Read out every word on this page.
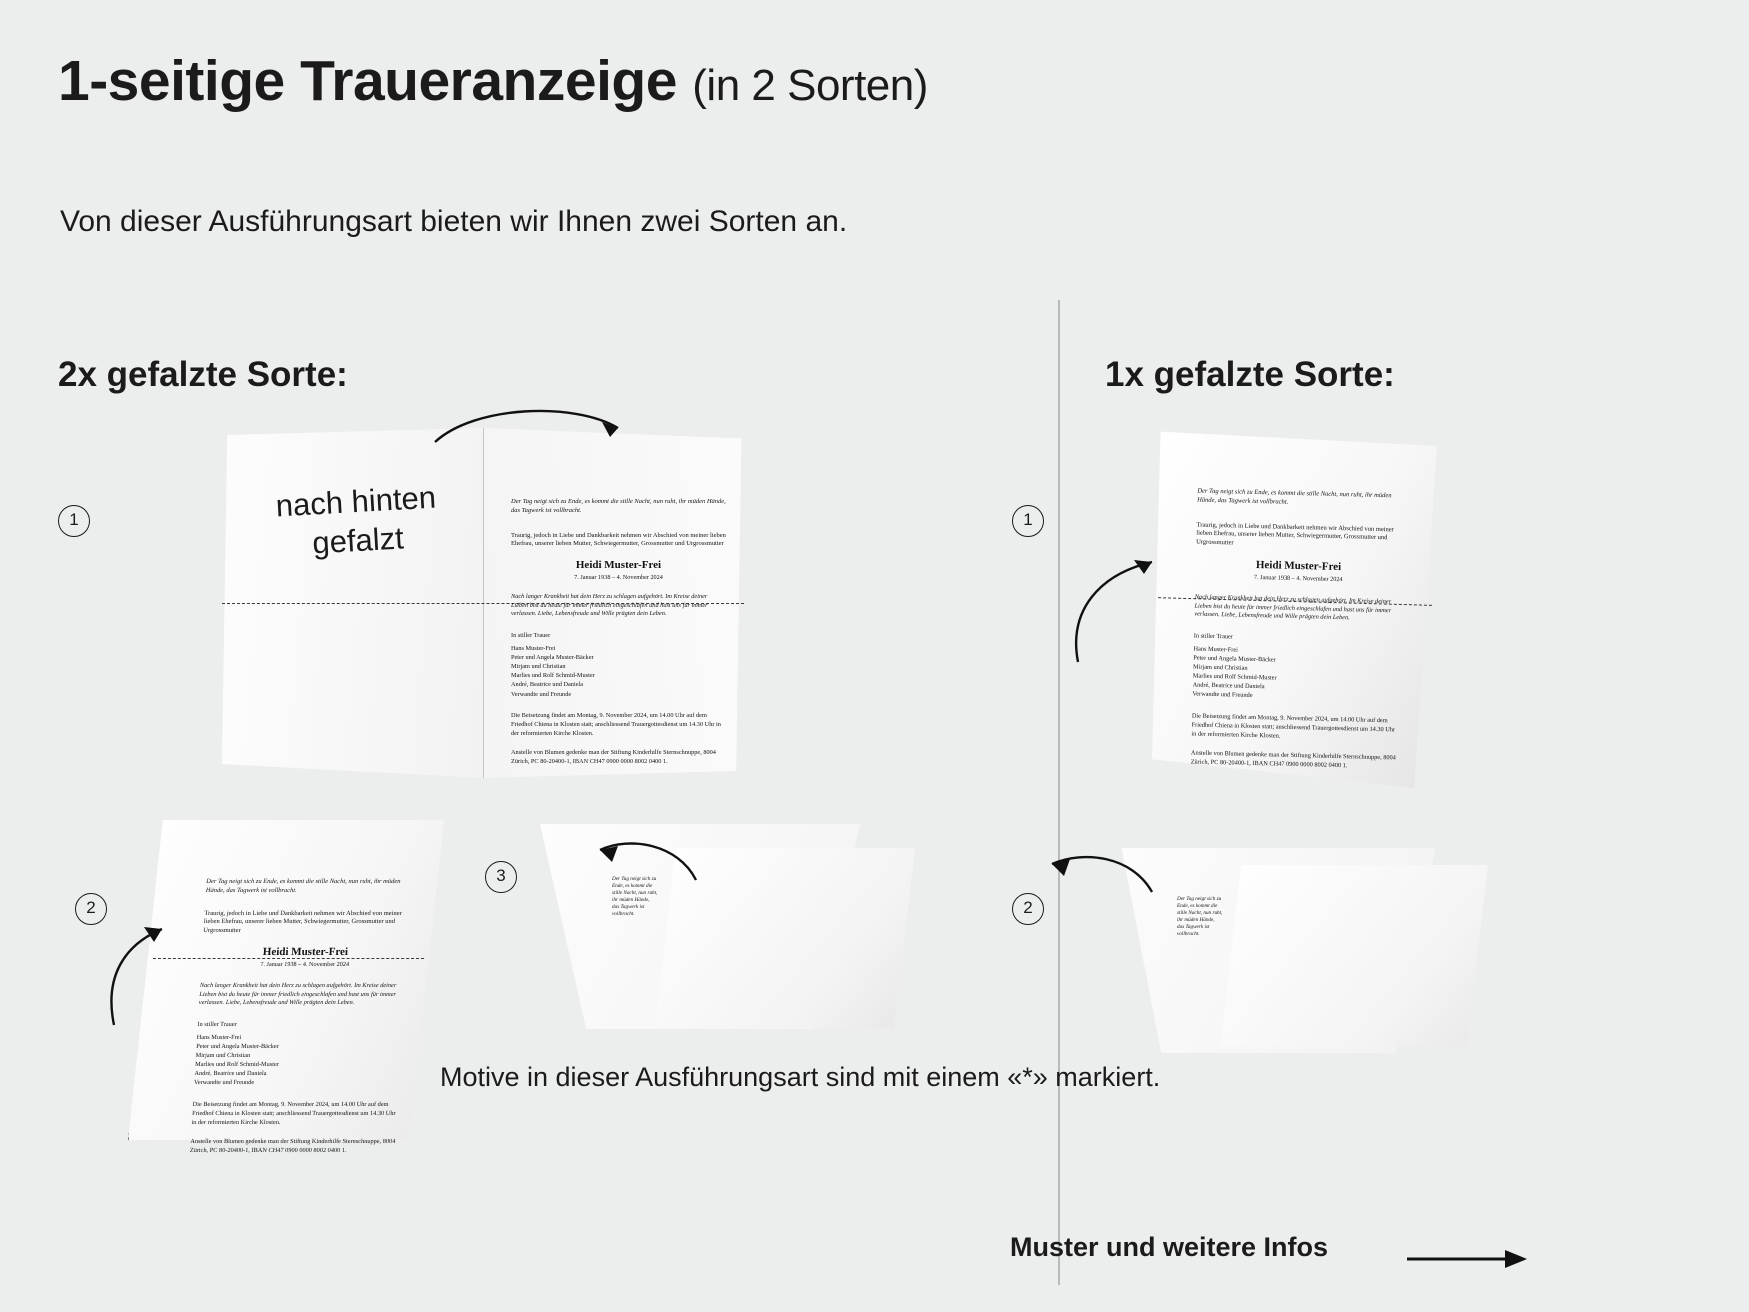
1-seitige Traueranzeige (in 2 Sorten)
Von dieser Ausführungsart bieten wir Ihnen zwei Sorten an.
2x gefalzte Sorte:	1x gefalzte Sorte:
1
2
3
1
2
nach hinten gefalzt
Der Tag neigt sich zu Ende, es kommt die stille Nacht, nun ruht, ihr müden Hände, das Tagwerk ist vollbracht.
Traurig, jedoch in Liebe und Dankbarkeit nehmen wir Abschied von meiner lieben Ehefrau, unserer lieben Mutter, Schwiegermutter, Grossmutter und Urgrossmutter
Heidi Muster-Frei
7. Januar 1938 – 4. November 2024
Nach langer Krankheit hat dein Herz zu schlagen aufgehört. Im Kreise deiner Lieben bist du heute für immer friedlich eingeschlafen und hast uns für immer verlassen. Liebe, Lebensfreude und Wille prägten dein Leben.
In stiller Trauer
Hans Muster-Frei
Peter und Angela Muster-Bäcker
Mirjam und Christian
Marlies und Rolf Schmid-Muster
André, Beatrice und Daniela
Verwandte und Freunde
Die Beisetzung findet am Montag, 9. November 2024, um 14.00 Uhr auf dem Friedhof Chiena in Klosten statt; anschliessend Trauergottesdienst um 14.30 Uhr in der reformierten Kirche Klosten.
Anstelle von Blumen gedenke man der Stiftung Kinderhilfe Sternschnuppe, 8004 Zürich, PC 80-20400-1, IBAN CH47 0900 0000 8002 0400 1.
Der Tag neigt sich zu Ende, es kommt die stille Nacht, nun ruht, ihr müden Hände, das Tagwerk ist vollbracht.
Traurig, jedoch in Liebe und Dankbarkeit nehmen wir Abschied von meiner lieben Ehefrau, unserer lieben Mutter, Schwiegermutter, Grossmutter und Urgrossmutter
Heidi Muster-Frei
7. Januar 1938 – 4. November 2024
Nach langer Krankheit hat dein Herz zu schlagen aufgehört. Im Kreise deiner Lieben bist du heute für immer friedlich eingeschlafen und hast uns für immer verlassen. Liebe, Lebensfreude und Wille prägten dein Leben.
In stiller Trauer
Hans Muster-Frei
Peter und Angela Muster-Bäcker
Mirjam und Christian
Marlies und Rolf Schmid-Muster
André, Beatrice und Daniela
Verwandte und Freunde
Die Beisetzung findet am Montag, 9. November 2024, um 14.00 Uhr auf dem Friedhof Chiena in Klosten statt; anschliessend Trauergottesdienst um 14.30 Uhr in der reformierten Kirche Klosten.
Anstelle von Blumen gedenke man der Stiftung Kinderhilfe Sternschnuppe, 8004 Zürich, PC 80-20400-1, IBAN CH47 0900 0000 8002 0400 1.
Der Tag neigt sich zu Ende, es kommt die stille Nacht, nun ruht, ihr müden Hände, das Tagwerk ist vollbracht.
Traurig, jedoch in Liebe und Dankbarkeit nehmen wir Abschied von meiner lieben Ehefrau, unserer lieben Mutter, Schwiegermutter, Grossmutter und Urgrossmutter
Heidi Muster-Frei
7. Januar 1938 – 4. November 2024
Nach langer Krankheit hat dein Herz zu schlagen aufgehört. Im Kreise deiner Lieben bist du heute für immer friedlich eingeschlafen und hast uns für immer verlassen. Liebe, Lebensfreude und Wille prägten dein Leben.
In stiller Trauer
Hans Muster-Frei
Peter und Angela Muster-Bäcker
Mirjam und Christian
Marlies und Rolf Schmid-Muster
André, Beatrice und Daniela
Verwandte und Freunde
Die Beisetzung findet am Montag, 9. November 2024, um 14.00 Uhr auf dem Friedhof Chiena in Klosten statt; anschliessend Trauergottesdienst um 14.30 Uhr in der reformierten Kirche Klosten.
Anstelle von Blumen gedenke man der Stiftung Kinderhilfe Sternschnuppe, 8004 Zürich, PC 80-20400-1, IBAN CH47 0900 0000 8002 0400 1.
Der Tag neigt sich zu Ende, es kommt die stille Nacht, nun ruht, ihr müden Hände, das Tagwerk ist vollbracht.
Der Tag neigt sich zu Ende, es kommt die stille Nacht, nun ruht, ihr müden Hände, das Tagwerk ist vollbracht.
Motive in dieser Ausführungsart sind mit einem «*» markiert.
Muster und weitere Infos
